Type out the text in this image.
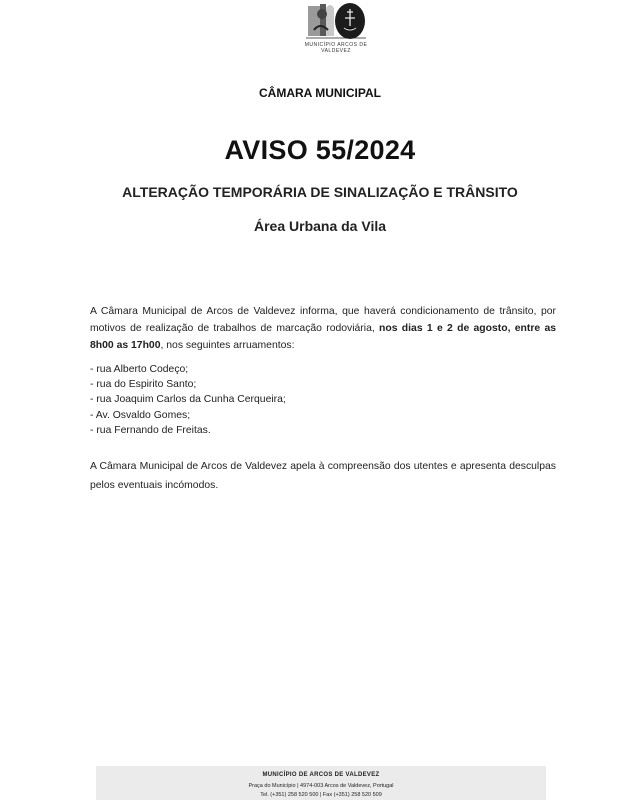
MUNICÍPIO ARCOS DE VALDEVEZ
CÂMARA MUNICIPAL
AVISO 55/2024
ALTERAÇÃO TEMPORÁRIA DE SINALIZAÇÃO E TRÂNSITO
Área Urbana da Vila

A Câmara Municipal de Arcos de Valdevez informa, que haverá condicionamento de trânsito, por motivos de realização de trabalhos de marcação rodoviária, nos dias 1 e 2 de agosto, entre as 8h00 as 17h00, nos seguintes arruamentos:

- rua Alberto Codeço;
- rua do Espirito Santo;
- rua Joaquim Carlos da Cunha Cerqueira;
- Av. Osvaldo Gomes;
- rua Fernando de Freitas.

A Câmara Municipal de Arcos de Valdevez apela à compreensão dos utentes e apresenta desculpas pelos eventuais incómodos.

MUNICÍPIO DE ARCOS DE VALDEVEZ
Praça do Município | 4974-003 Arcos de Valdevez, Portugal
Tel. (+351) 258 520 500 | Fax (+351) 258 520 509
